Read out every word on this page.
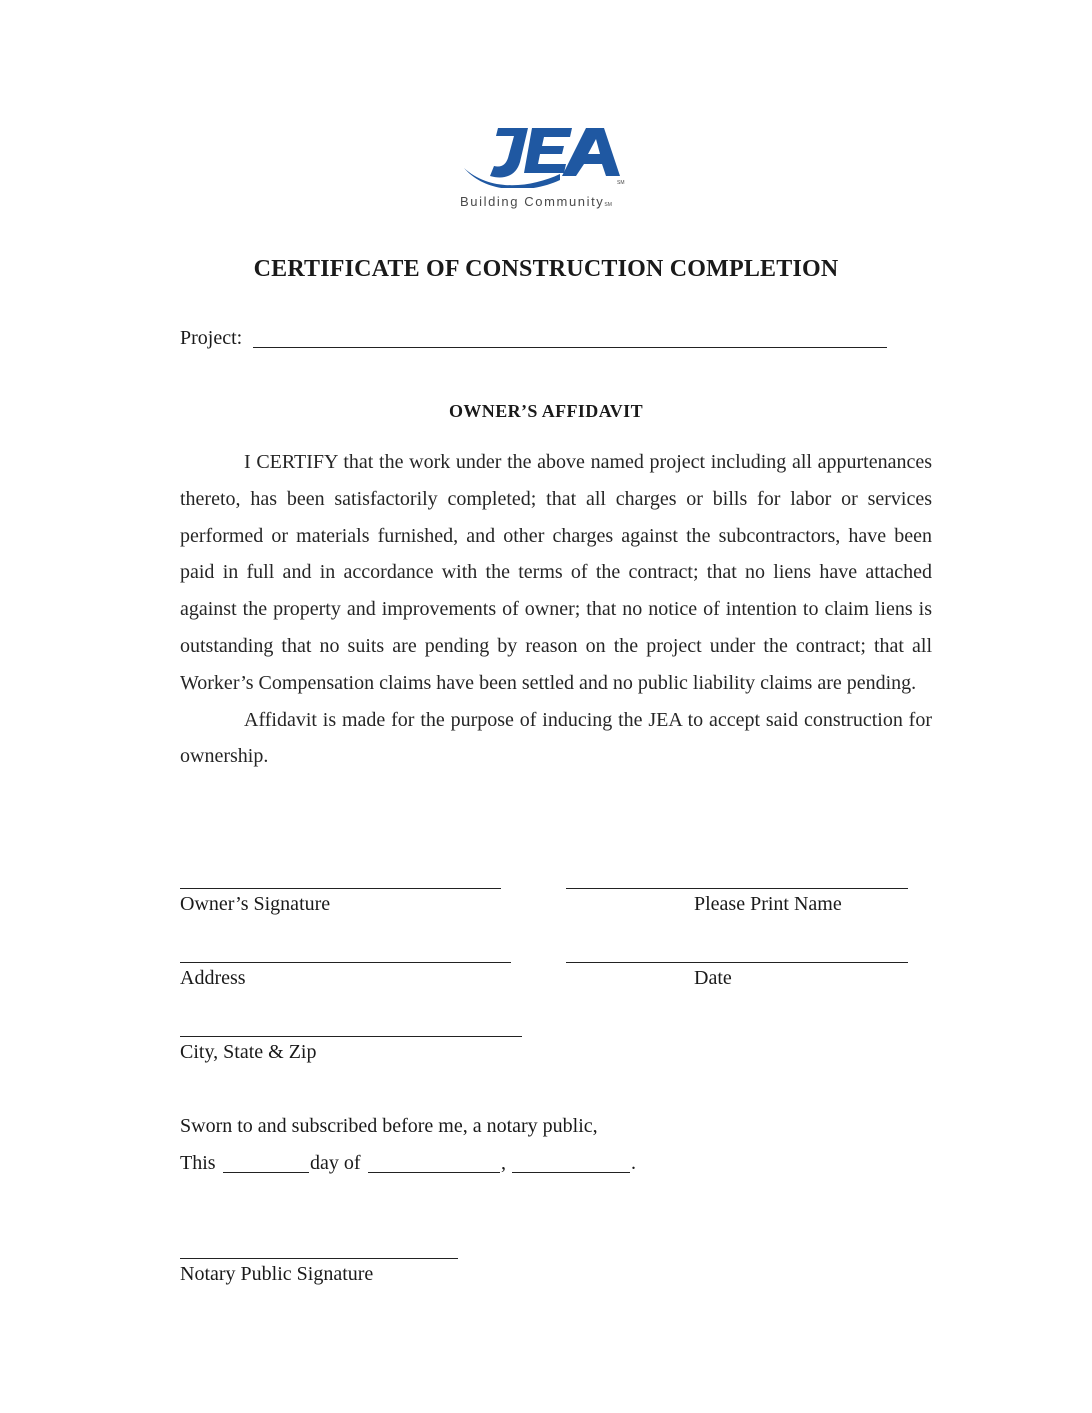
SM
Building CommunitySM
CERTIFICATE OF CONSTRUCTION COMPLETION
Project:
OWNER’S AFFIDAVIT

I CERTIFY that the work under the above named project including all appurtenances thereto, has been satisfactorily completed; that all charges or bills for labor or services performed or materials furnished, and other charges against the subcontractors, have been paid in full and in accordance with the terms of the contract; that no liens have attached against the property and improvements of owner; that no notice of intention to claim liens is outstanding that no suits are pending by reason on the project under the contract; that all Worker’s Compensation claims have been settled and no public liability claims are pending.

Affidavit is made for the purpose of inducing the JEA to accept said construction for ownership.

Owner’s Signature	Please Print Name
Address	Date
City, State & Zip
Sworn to and subscribed before me, a notary public,
This	day of	,	.
Notary Public Signature
